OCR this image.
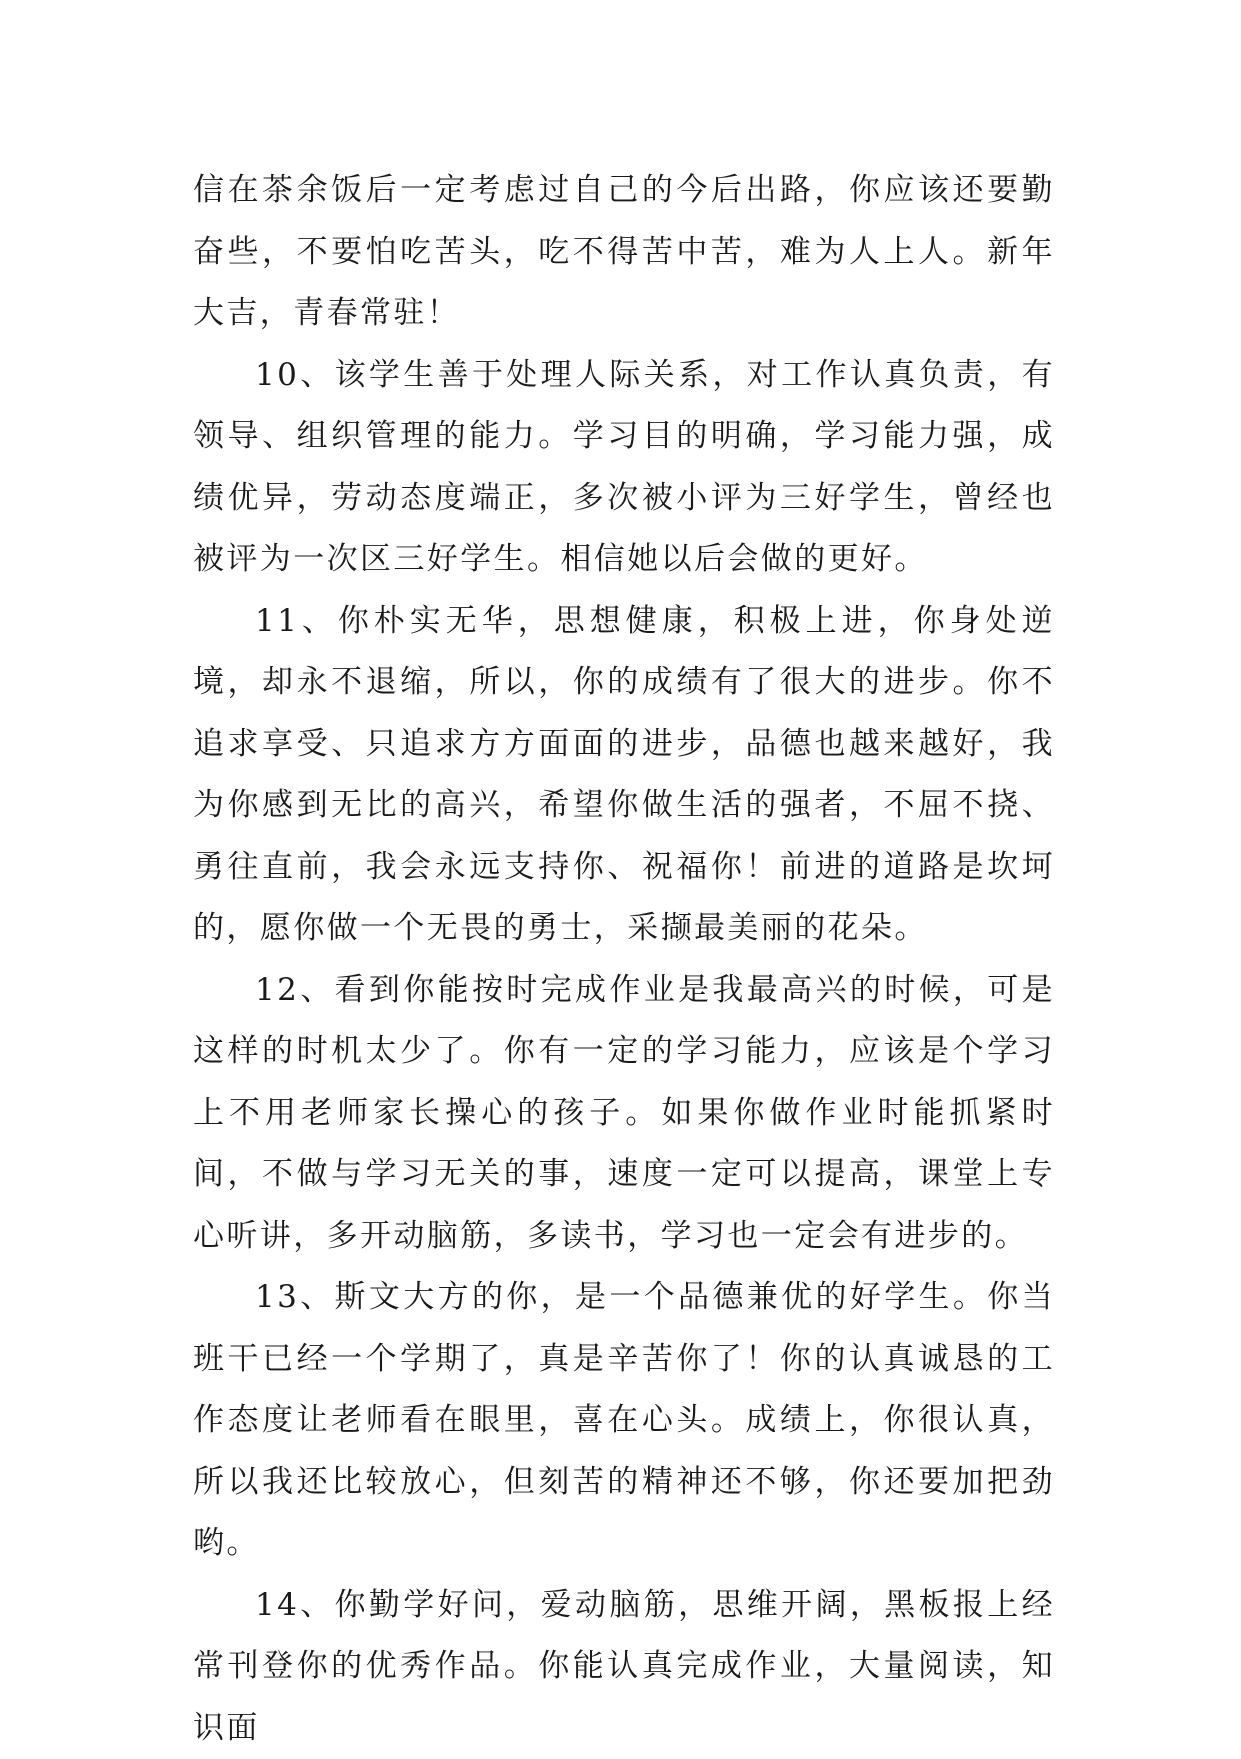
信在茶余饭后一定考虑过自己的今后出路，你应该还要勤奋些，不要怕吃苦头，吃不得苦中苦，难为人上人。新年大吉，青春常驻！

10、该学生善于处理人际关系，对工作认真负责，有领导、组织管理的能力。学习目的明确，学习能力强，成绩优异，劳动态度端正，多次被小评为三好学生，曾经也被评为一次区三好学生。相信她以后会做的更好。

11、你朴实无华，思想健康，积极上进，你身处逆境，却永不退缩，所以，你的成绩有了很大的进步。你不追求享受、只追求方方面面的进步，品德也越来越好，我为你感到无比的高兴，希望你做生活的强者，不屈不挠、勇往直前，我会永远支持你、祝福你！前进的道路是坎坷的，愿你做一个无畏的勇士，采撷最美丽的花朵。

12、看到你能按时完成作业是我最高兴的时候，可是这样的时机太少了。你有一定的学习能力，应该是个学习上不用老师家长操心的孩子。如果你做作业时能抓紧时间，不做与学习无关的事，速度一定可以提高，课堂上专心听讲，多开动脑筋，多读书，学习也一定会有进步的。

13、斯文大方的你，是一个品德兼优的好学生。你当班干已经一个学期了，真是辛苦你了！你的认真诚恳的工作态度让老师看在眼里，喜在心头。成绩上，你很认真，所以我还比较放心，但刻苦的精神还不够，你还要加把劲哟。

14、你勤学好问，爱动脑筋，思维开阔，黑板报上经常刊登你的优秀作品。你能认真完成作业，大量阅读，知识面
